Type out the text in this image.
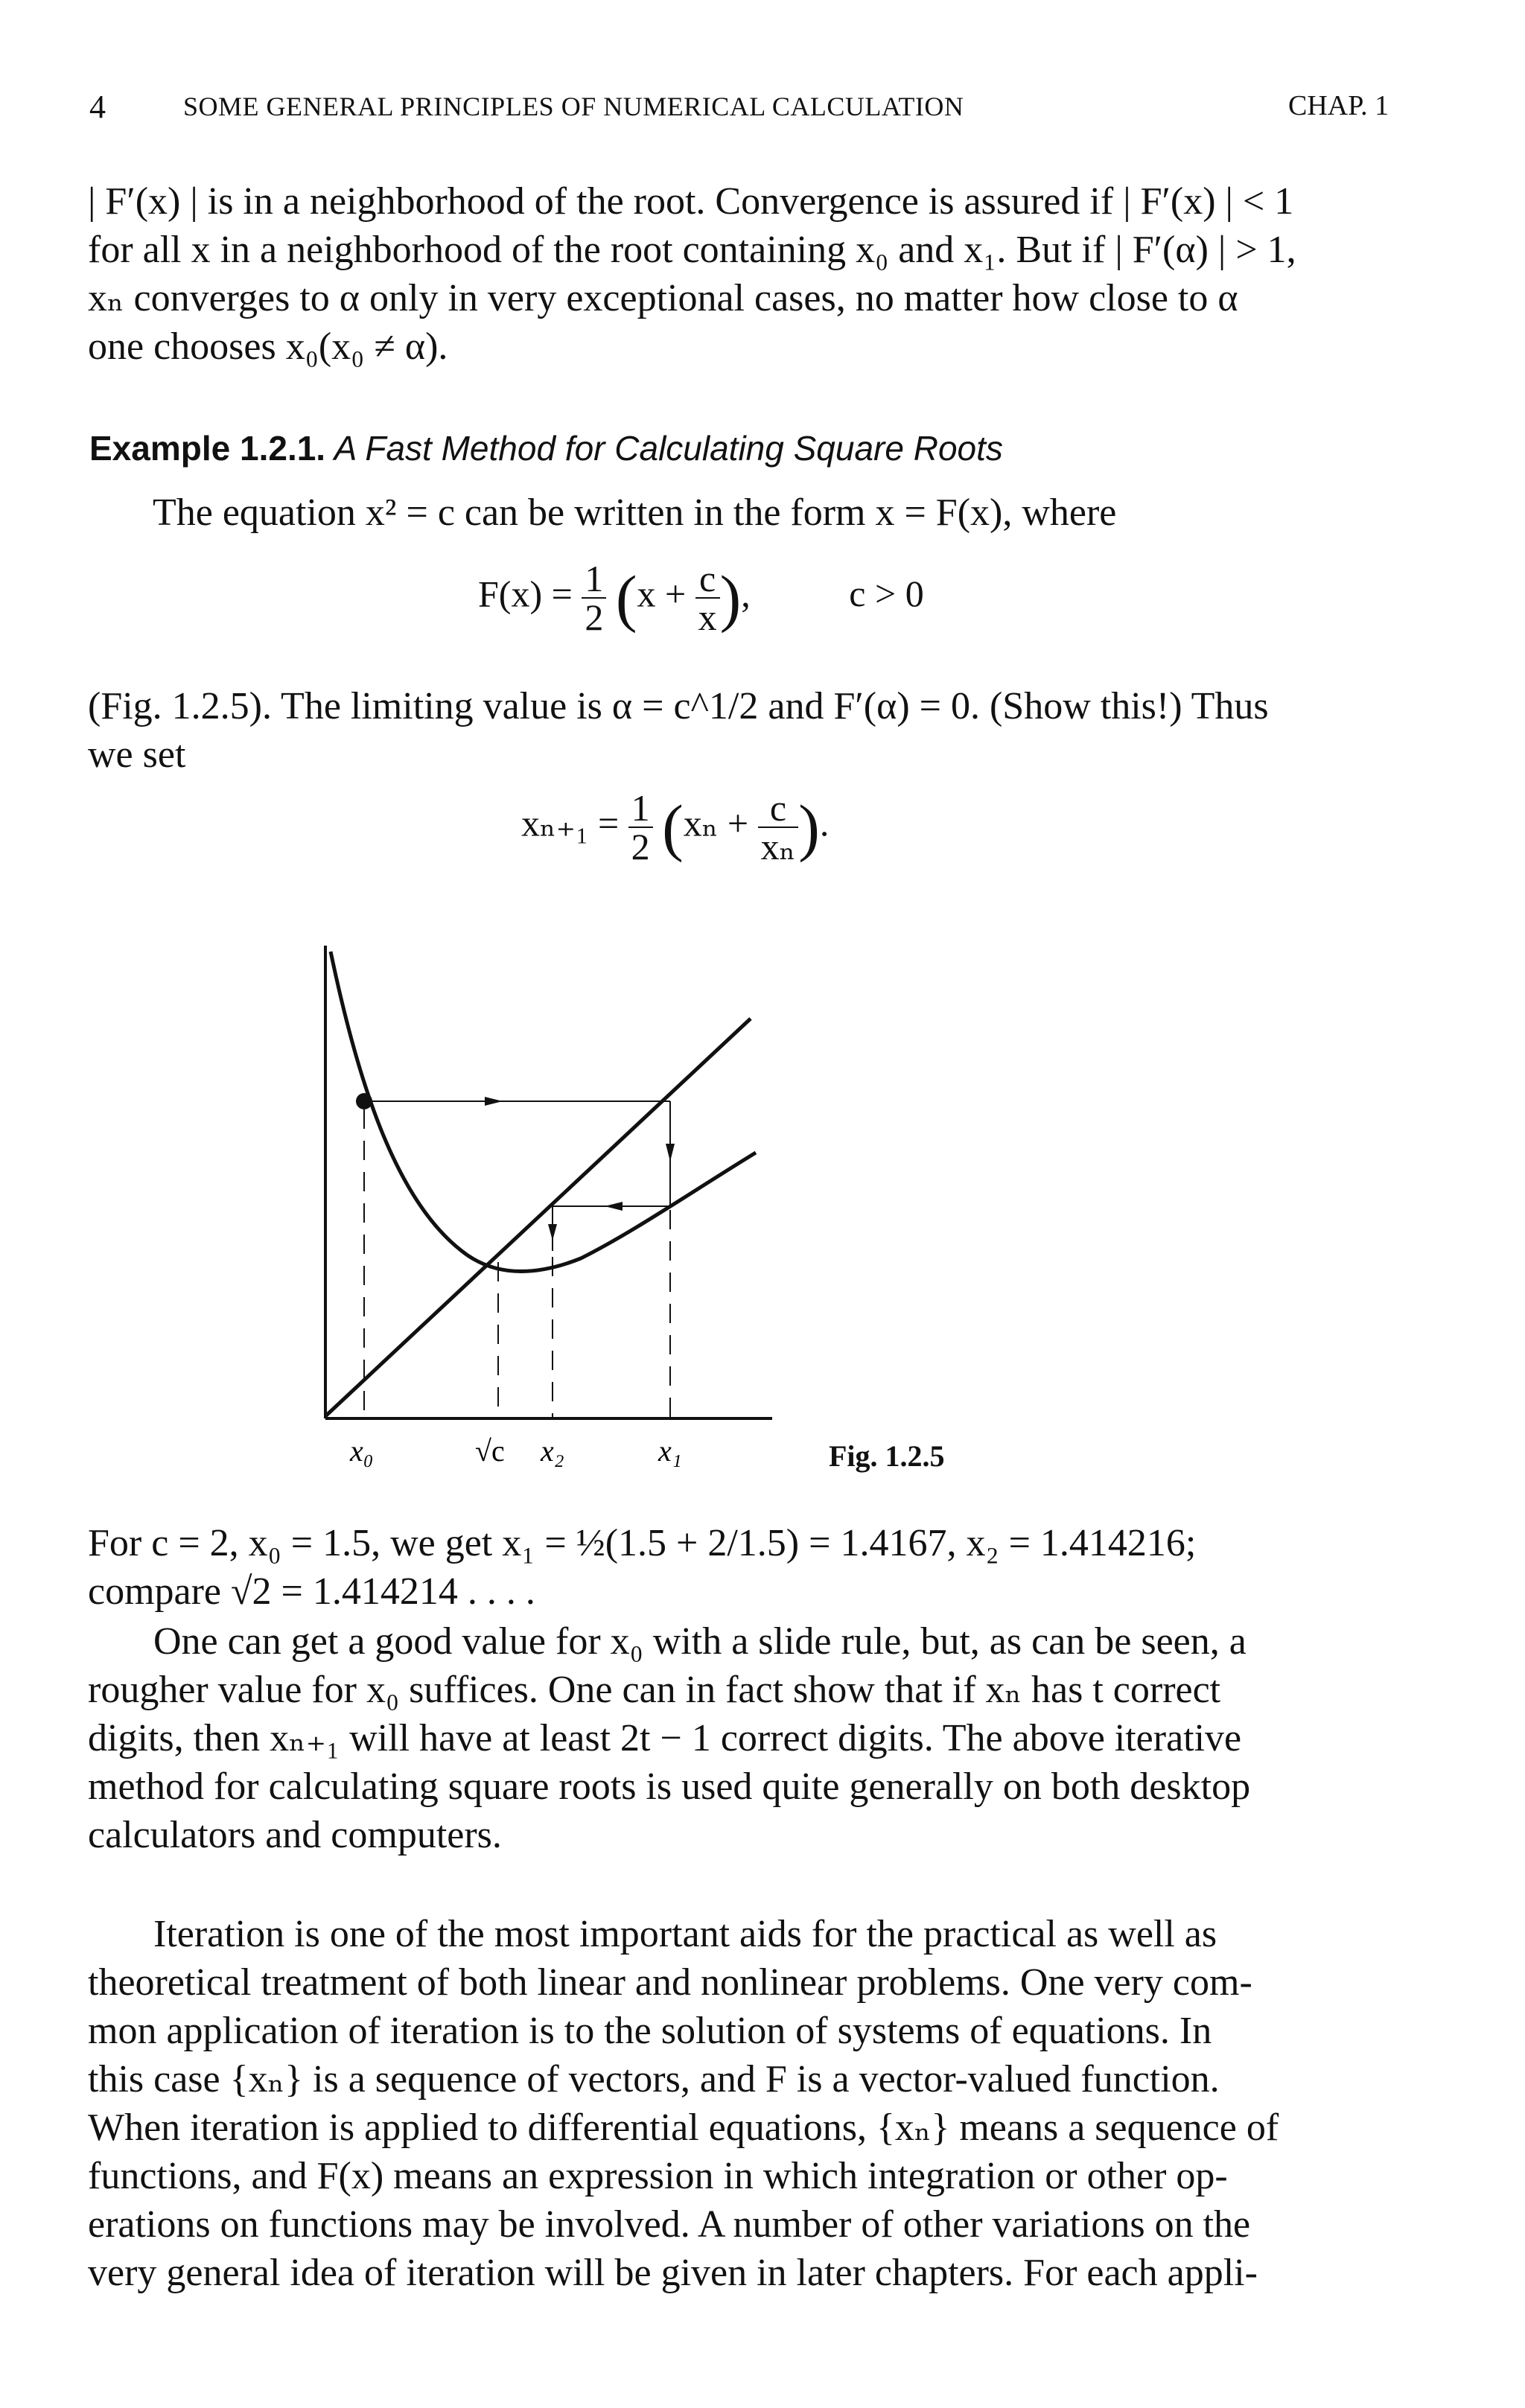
4	SOME GENERAL PRINCIPLES OF NUMERICAL CALCULATION	CHAP. 1

| F′(x) | is in a neighborhood of the root. Convergence is assured if | F′(x) | < 1

for all x in a neighborhood of the root containing x₀ and x₁. But if | F′(α) | > 1,

xₙ converges to α only in very exceptional cases, no matter how close to α

one chooses x₀(x₀ ≠ α).

Example 1.2.1. A Fast Method for Calculating Square Roots

The equation x² = c can be written in the form x = F(x), where

$F(x) = \frac{1}{2} (x + \frac{c}{x}$ ),	c > 0

(Fig. 1.2.5). The limiting value is α = c^1/2 and F′(α) = 0. (Show this!) Thus

we set

$x_{n+1} = \frac{1}{2} (x_n + \frac{c}{\text{xₙ}}$ ).
x₀	√c x₂	x₁	Fig. 1.2.5

For c = 2, x₀ = 1.5, we get x₁ = ½(1.5 + 2/1.5) = 1.4167, x₂ = 1.414216;

compare √2 = 1.414214 . . . .

One can get a good value for x₀ with a slide rule, but, as can be seen, a

rougher value for x₀ suffices. One can in fact show that if xₙ has t correct

digits, then xₙ₊₁ will have at least 2t − 1 correct digits. The above iterative

method for calculating square roots is used quite generally on both desktop

calculators and computers.

Iteration is one of the most important aids for the practical as well as

theoretical treatment of both linear and nonlinear problems. One very com-

mon application of iteration is to the solution of systems of equations. In

this case {xₙ} is a sequence of vectors, and F is a vector-valued function.

When iteration is applied to differential equations, {xₙ} means a sequence of

functions, and F(x) means an expression in which integration or other op-

erations on functions may be involved. A number of other variations on the

very general idea of iteration will be given in later chapters. For each appli-
